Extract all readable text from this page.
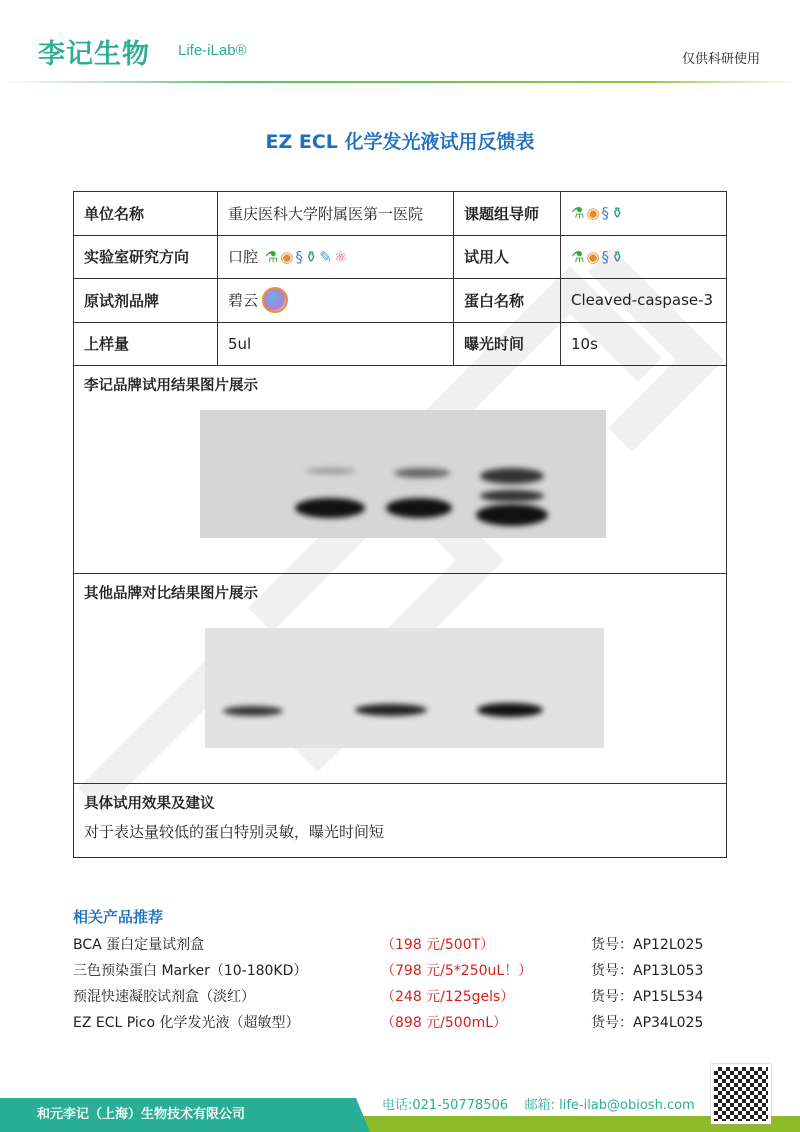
李记生物 Life-iLab®
仅供科研使用
EZ ECL 化学发光液试用反馈表
单位名称	重庆医科大学附属医第一医院	课题组导师	⚗ ◉ § ⚱
实验室研究方向	口腔 ⚗ ◉ § ⚱ ✎ ⚛	试用人	⚗ ◉ § ⚱
原试剂品牌	碧云	蛋白名称	Cleaved-caspase-3
上样量	5ul	曝光时间	10s

李记品牌试用结果图片展示			

其他品牌对比结果图片展示			

具体试用效果及建议
对于表达量较低的蛋白特别灵敏，曝光时间短			
相关产品推荐
BCA 蛋白定量试剂盒	（198 元/500T）	货号：AP12L025
三色预染蛋白 Marker（10-180KD）	（798 元/5*250uL！）	货号：AP13L053
预混快速凝胶试剂盒（淡红）	（248 元/125gels）	货号：AP15L534
EZ ECL Pico 化学发光液（超敏型）	（898 元/500mL）	货号：AP34L025
和元李记（上海）生物技术有限公司
电话:021-50778506    邮箱: life-ilab@obiosh.com
